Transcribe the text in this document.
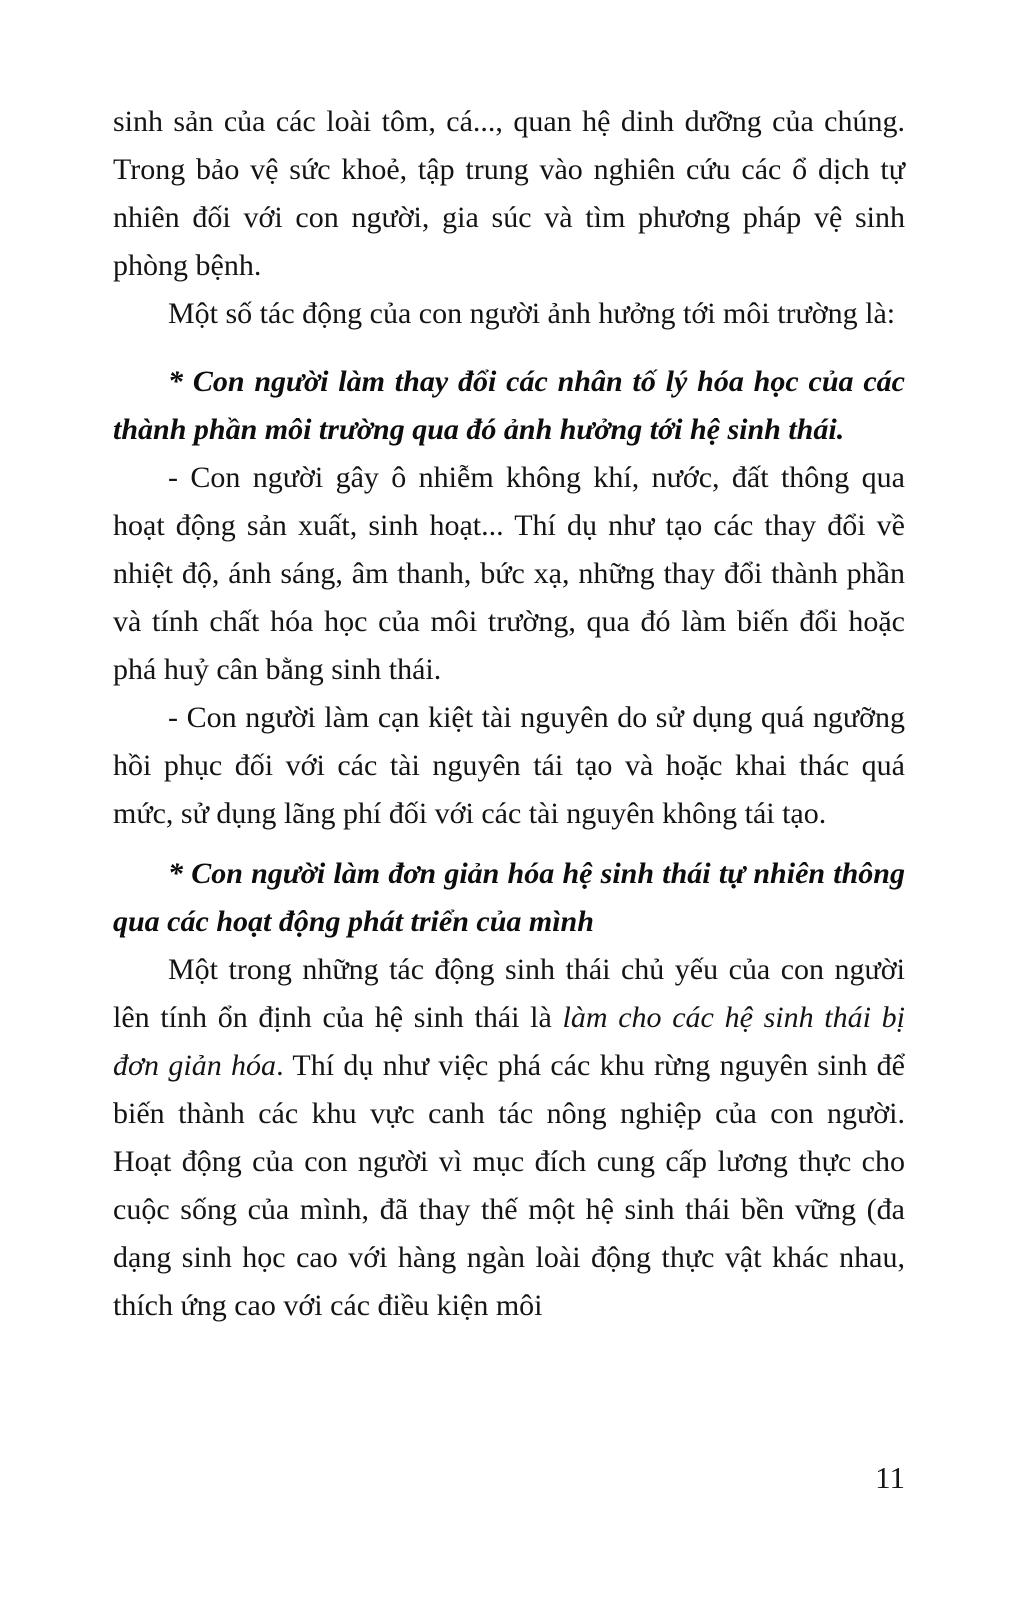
sinh sản của các loài tôm, cá..., quan hệ dinh dưỡng của chúng. Trong bảo vệ sức khoẻ, tập trung vào nghiên cứu các ổ dịch tự nhiên đối với con người, gia súc và tìm phương pháp vệ sinh phòng bệnh.

Một số tác động của con người ảnh hưởng tới môi trường là:

* Con người làm thay đổi các nhân tố lý hóa học của các thành phần môi trường qua đó ảnh hưởng tới hệ sinh thái.

- Con người gây ô nhiễm không khí, nước, đất thông qua hoạt động sản xuất, sinh hoạt... Thí dụ như tạo các thay đổi về nhiệt độ, ánh sáng, âm thanh, bức xạ, những thay đổi thành phần và tính chất hóa học của môi trường, qua đó làm biến đổi hoặc phá huỷ cân bằng sinh thái.

- Con người làm cạn kiệt tài nguyên do sử dụng quá ngưỡng hồi phục đối với các tài nguyên tái tạo và hoặc khai thác quá mức, sử dụng lãng phí đối với các tài nguyên không tái tạo.

* Con người làm đơn giản hóa hệ sinh thái tự nhiên thông qua các hoạt động phát triển của mình

Một trong những tác động sinh thái chủ yếu của con người lên tính ổn định của hệ sinh thái là làm cho các hệ sinh thái bị đơn giản hóa. Thí dụ như việc phá các khu rừng nguyên sinh để biến thành các khu vực canh tác nông nghiệp của con người. Hoạt động của con người vì mục đích cung cấp lương thực cho cuộc sống của mình, đã thay thế một hệ sinh thái bền vững (đa dạng sinh học cao với hàng ngàn loài động thực vật khác nhau, thích ứng cao với các điều kiện môi

11
